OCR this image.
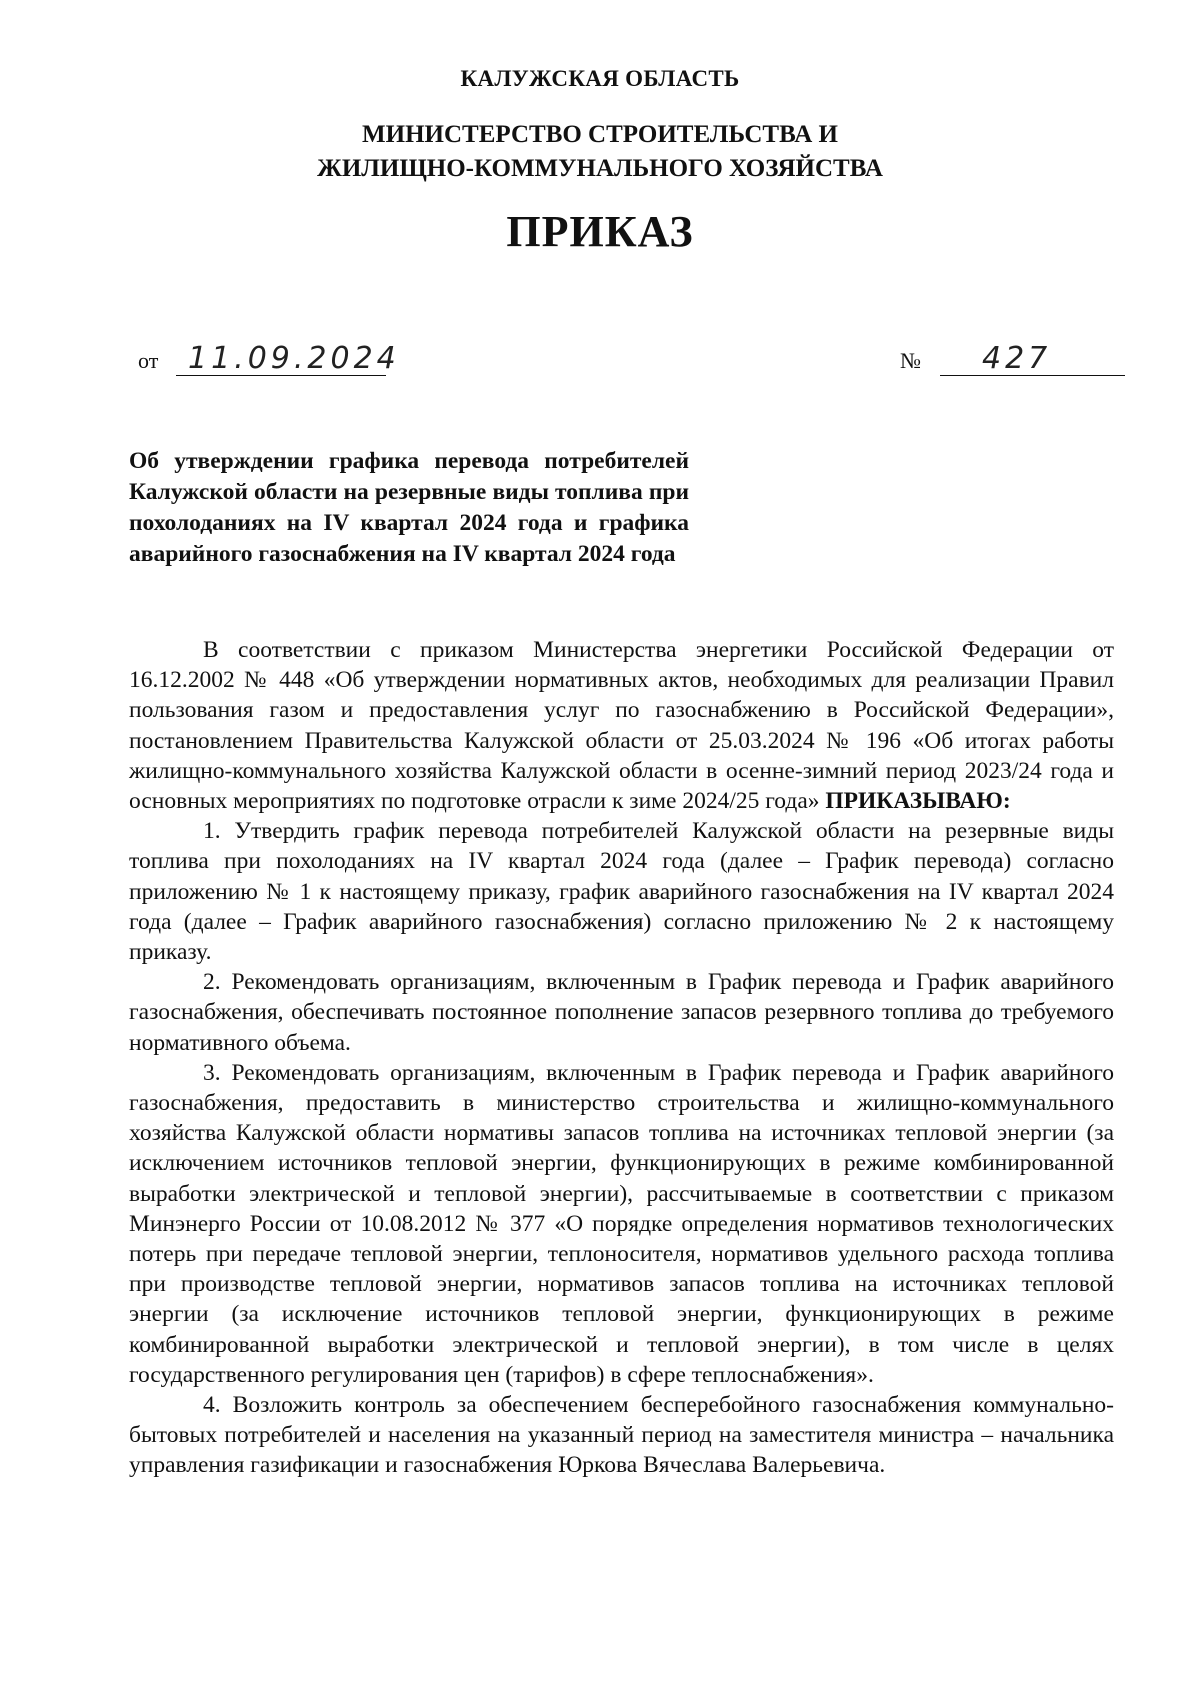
КАЛУЖСКАЯ ОБЛАСТЬ
МИНИСТЕРСТВО СТРОИТЕЛЬСТВА И
ЖИЛИЩНО-КОММУНАЛЬНОГО ХОЗЯЙСТВА
ПРИКАЗ
от 11.09.2024	№ 427
Об утверждении графика перевода потребителей Калужской области на резервные виды топлива при похолоданиях на IV квартал 2024 года и графика аварийного газоснабжения на IV квартал 2024 года

В соответствии с приказом Министерства энергетики Российской Федерации от 16.12.2002 № 448 «Об утверждении нормативных актов, необходимых для реализации Правил пользования газом и предоставления услуг по газоснабжению в Российской Федерации», постановлением Правительства Калужской области от 25.03.2024 № 196 «Об итогах работы жилищно-коммунального хозяйства Калужской области в осенне-зимний период 2023/24 года и основных мероприятиях по подготовке отрасли к зиме 2024/25 года» ПРИКАЗЫВАЮ:

1. Утвердить график перевода потребителей Калужской области на резервные виды топлива при похолоданиях на IV квартал 2024 года (далее – График перевода) согласно приложению № 1 к настоящему приказу, график аварийного газоснабжения на IV квартал 2024 года (далее – График аварийного газоснабжения) согласно приложению № 2 к настоящему приказу.

2. Рекомендовать организациям, включенным в График перевода и График аварийного газоснабжения, обеспечивать постоянное пополнение запасов резервного топлива до требуемого нормативного объема.

3. Рекомендовать организациям, включенным в График перевода и График аварийного газоснабжения, предоставить в министерство строительства и жилищно-коммунального хозяйства Калужской области нормативы запасов топлива на источниках тепловой энергии (за исключением источников тепловой энергии, функционирующих в режиме комбинированной выработки электрической и тепловой энергии), рассчитываемые в соответствии с приказом Минэнерго России от 10.08.2012 № 377 «О порядке определения нормативов технологических потерь при передаче тепловой энергии, теплоносителя, нормативов удельного расхода топлива при производстве тепловой энергии, нормативов запасов топлива на источниках тепловой энергии (за исключение источников тепловой энергии, функционирующих в режиме комбинированной выработки электрической и тепловой энергии), в том числе в целях государственного регулирования цен (тарифов) в сфере теплоснабжения».

4. Возложить контроль за обеспечением бесперебойного газоснабжения коммунально-бытовых потребителей и населения на указанный период на заместителя министра – начальника управления газификации и газоснабжения Юркова Вячеслава Валерьевича.
